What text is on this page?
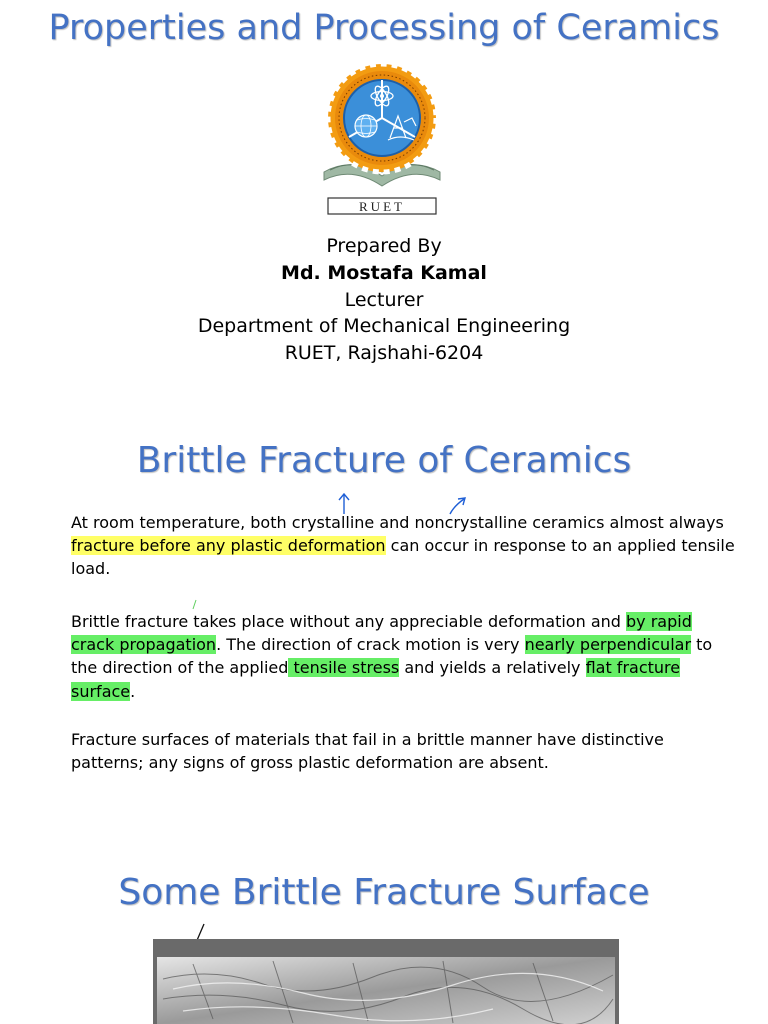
Properties and Processing of Ceramics
RUET
Prepared By
Md. Mostafa Kamal
Lecturer
Department of Mechanical Engineering
RUET, Rajshahi-6204
Brittle Fracture of Ceramics

At room temperature, both crystalline and noncrystalline ceramics almost always fracture before any plastic deformation can occur in response to an applied tensile load.

Brittle fracture takes place without any appreciable deformation and by rapid crack propagation. The direction of crack motion is very nearly perpendicular to the direction of the applied tensile stress and yields a relatively flat fracture surface.

Fracture surfaces of materials that fail in a brittle manner have distinctive patterns; any signs of gross plastic deformation are absent.

Some Brittle Fracture Surface
